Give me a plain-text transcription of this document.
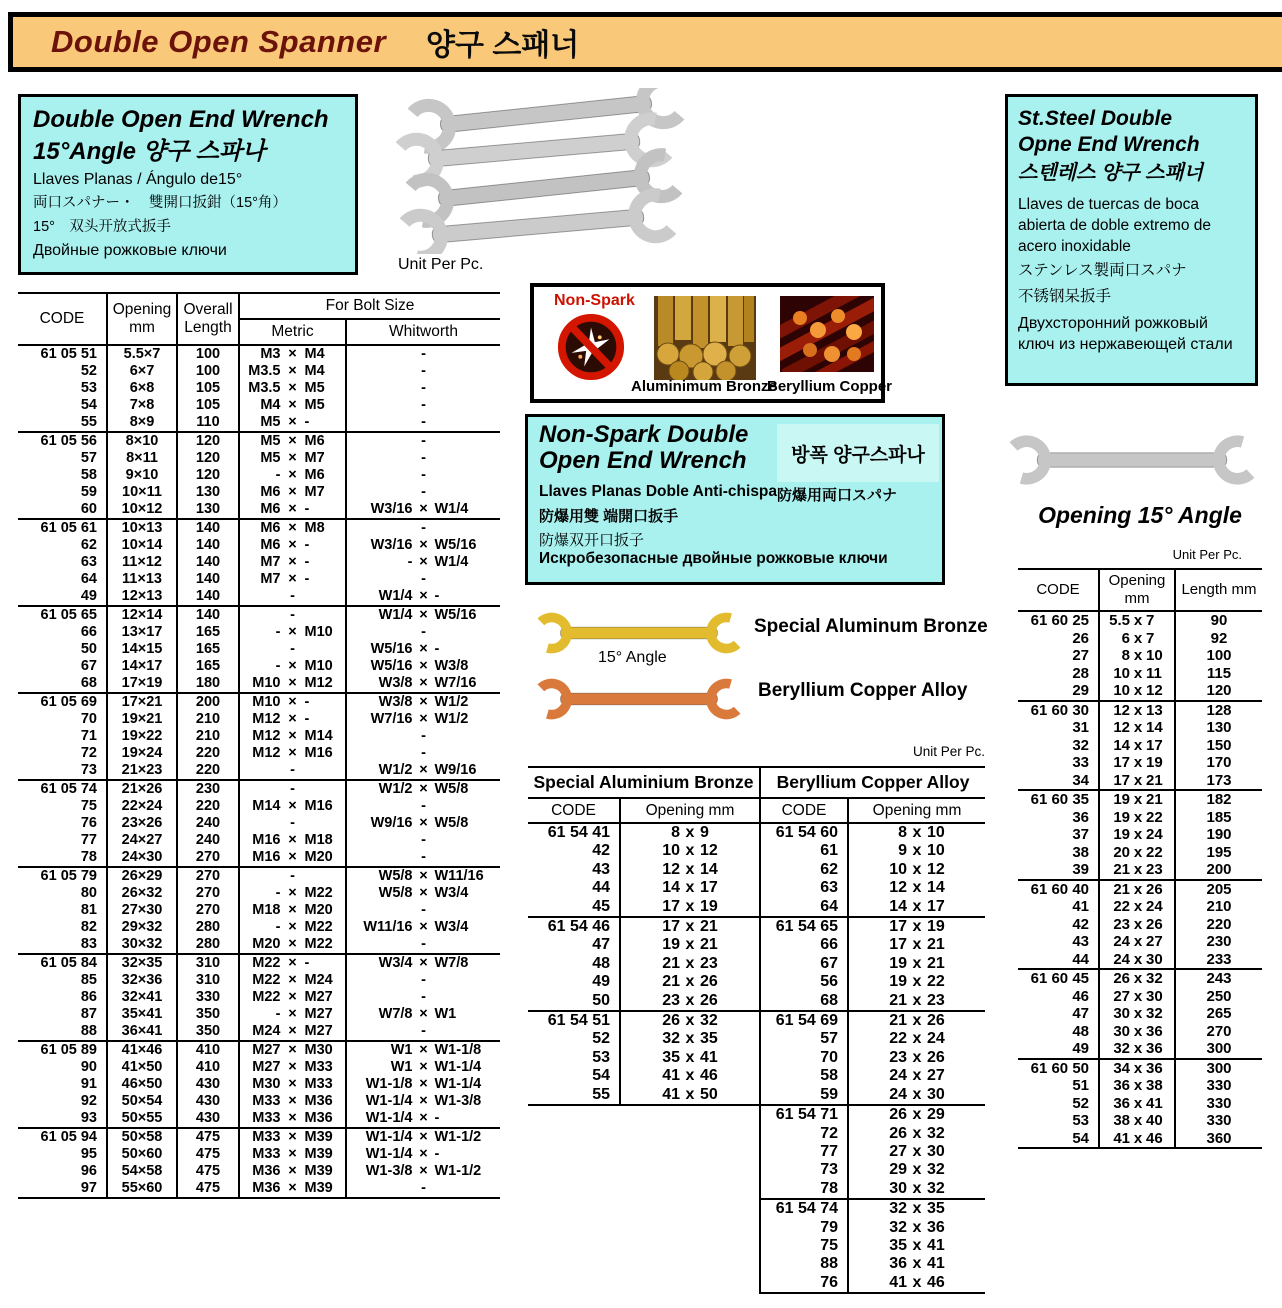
Double Open Spanner 양구 스패너
Double Open End Wrench
15°Angle 양구 스파나
Llaves Planas / Ángulo de15°
両口スパナー・　雙開口扳鉗（15°角）
15°　双头开放式扳手
Двойные рожковые ключи
Unit Per Pc.
St.Steel Double
Opne End Wrench
스텐레스 양구 스패너
Llaves de tuercas de boca abierta de doble extremo de acero inoxidable
ステンレス製両口スパナ
不锈钢呆扳手
Двухсторонний рожковый ключ из нержавеющей стали
CODE	Opening mm	Overall Length	For Bolt Size	
			Metric	Whitworth
61 05 51	5.5×7	100	M3 × M4	-
52	6×7	100	M3.5 × M4	-
53	6×8	105	M3.5 × M5	-
54	7×8	105	M4 × M5	-
55	8×9	110	M5 × -	-
61 05 56	8×10	120	M5 × M6	-
57	8×11	120	M5 × M7	-
58	9×10	120	- × M6	-
59	10×11	130	M6 × M7	-
60	10×12	130	M6 × -	W3/16 × W1/4
61 05 61	10×13	140	M6 × M8	-
62	10×14	140	M6 × -	W3/16 × W5/16
63	11×12	140	M7 × -	- × W1/4
64	11×13	140	M7 × -	-
49	12×13	140	-	W1/4 × -
61 05 65	12×14	140	-	W1/4 × W5/16
66	13×17	165	- × M10	-
50	14×15	165	-	W5/16 × -
67	14×17	165	- × M10	W5/16 × W3/8
68	17×19	180	M10 × M12	W3/8 × W7/16
61 05 69	17×21	200	M10 × -	W3/8 × W1/2
70	19×21	210	M12 × -	W7/16 × W1/2
71	19×22	210	M12 × M14	-
72	19×24	220	M12 × M16	-
73	21×23	220	-	W1/2 × W9/16
61 05 74	21×26	230	-	W1/2 × W5/8
75	22×24	220	M14 × M16	-
76	23×26	240	-	W9/16 × W5/8
77	24×27	240	M16 × M18	-
78	24×30	270	M16 × M20	-
61 05 79	26×29	270	-	W5/8 × W11/16
80	26×32	270	- × M22	W5/8 × W3/4
81	27×30	270	M18 × M20	-
82	29×32	280	- × M22	W11/16 × W3/4
83	30×32	280	M20 × M22	-
61 05 84	32×35	310	M22 × -	W3/4 × W7/8
85	32×36	310	M22 × M24	-
86	32×41	330	M22 × M27	-
87	35×41	350	- × M27	W7/8 × W1
88	36×41	350	M24 × M27	-
61 05 89	41×46	410	M27 × M30	W1 × W1-1/8
90	41×50	410	M27 × M33	W1 × W1-1/4
91	46×50	430	M30 × M33	W1-1/8 × W1-1/4
92	50×54	430	M33 × M36	W1-1/4 × W1-3/8
93	50×55	430	M33 × M36	W1-1/4 × -
61 05 94	50×58	475	M33 × M39	W1-1/4 × W1-1/2
95	50×60	475	M33 × M39	W1-1/4 × -
96	54×58	475	M36 × M39	W1-3/8 × W1-1/2
97	55×60	475	M36 × M39	-
Non-Spark
Aluminimum Bronze
Beryllium Copper
Non-Spark Double
Open End Wrench 방폭 양구스파나
Llaves Planas Doble Anti-chispa 防爆用両口スパナ
防爆用雙 端開口扳手
防爆双开口扳子
Искробезопасные двойные рожковые ключи
15° Angle
Special Aluminum Bronze
Beryllium Copper Alloy
Unit Per Pc.
Special Aluminium Bronze		Beryllium Copper Alloy	
CODE	Opening mm	CODE	Opening mm
61 54 41	8 x 9	61 54 60	8 x 10
42	10 x 12	61	9 x 10
43	12 x 14	62	10 x 12
44	14 x 17	63	12 x 14
45	17 x 19	64	14 x 17
61 54 46	17 x 21	61 54 65	17 x 19
47	19 x 21	66	17 x 21
48	21 x 23	67	19 x 21
49	21 x 26	56	19 x 22
50	23 x 26	68	21 x 23
61 54 51	26 x 32	61 54 69	21 x 26
52	32 x 35	57	22 x 24
53	35 x 41	70	23 x 26
54	41 x 46	58	24 x 27
55	41 x 50	59	24 x 30
		61 54 71	26 x 29
		72	26 x 32
		77	27 x 30
		73	29 x 32
		78	30 x 32
		61 54 74	32 x 35
		79	32 x 36
		75	35 x 41
		88	36 x 41
		76	41 x 46
Opening 15° Angle
Unit Per Pc.
CODE	Opening mm	Length mm
61 60 25	5.5 x 7	90
26	6 x 7	92
27	8 x 10	100
28	10 x 11	115
29	10 x 12	120
61 60 30	12 x 13	128
31	12 x 14	130
32	14 x 17	150
33	17 x 19	170
34	17 x 21	173
61 60 35	19 x 21	182
36	19 x 22	185
37	19 x 24	190
38	20 x 22	195
39	21 x 23	200
61 60 40	21 x 26	205
41	22 x 24	210
42	23 x 26	220
43	24 x 27	230
44	24 x 30	233
61 60 45	26 x 32	243
46	27 x 30	250
47	30 x 32	265
48	30 x 36	270
49	32 x 36	300
61 60 50	34 x 36	300
51	36 x 38	330
52	36 x 41	330
53	38 x 40	330
54	41 x 46	360
